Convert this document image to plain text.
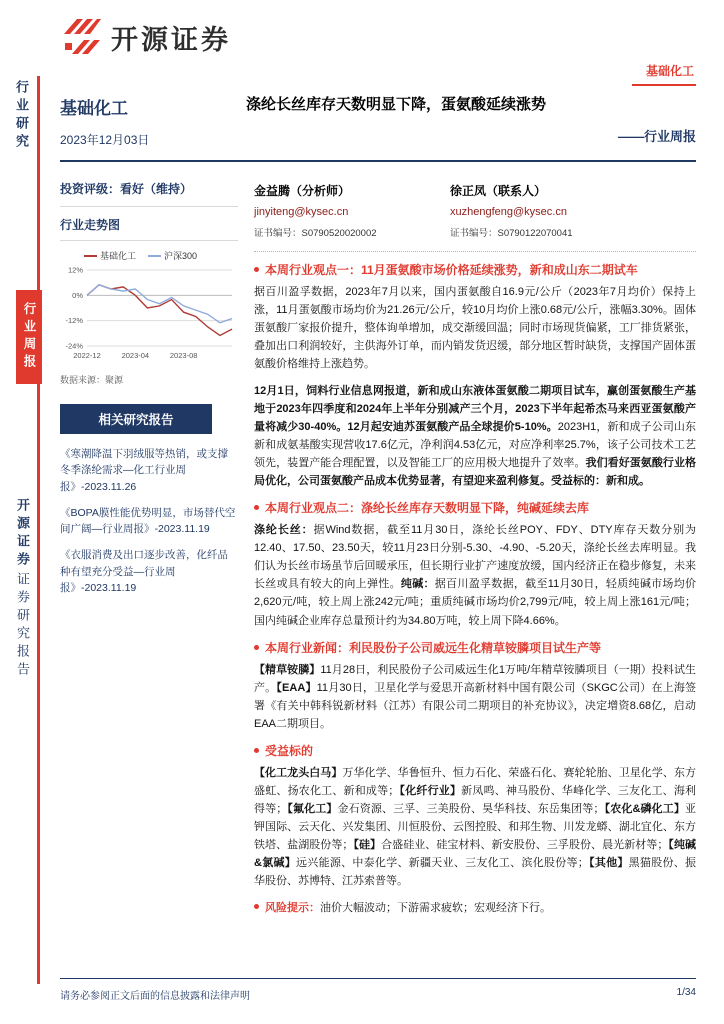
行业研究
行业周报
开源证券
证券研究报告
开源证券
基础化工
基础化工
2023年12月03日
涤纶长丝库存天数明显下降，蛋氨酸延续涨势
——行业周报
投资评级：看好（维持）
行业走势图
基础化工	沪深300
12%
0%
-12%
-24%
2022-12	2023-04	2023-08
数据来源：聚源
相关研究报告
《寒潮降温下羽绒服等热销，或支撑冬季涤纶需求—化工行业周报》-2023.11.26
《BOPA膜性能优势明显，市场替代空间广阔—行业周报》-2023.11.19
《衣服消费及出口逐步改善，化纤品种有望充分受益—行业周报》-2023.11.19
金益腾（分析师）
jinyiteng@kysec.cn
证书编号：S0790520020002
徐正凤（联系人）
xuzhengfeng@kysec.cn
证书编号：S0790122070041
本周行业观点一：11月蛋氨酸市场价格延续涨势，新和成山东二期试车

据百川盈孚数据，2023年7月以来，国内蛋氨酸自16.9元/公斤（2023年7月均价）保持上涨，11月蛋氨酸市场均价为21.26元/公斤，较10月均价上涨0.68元/公斤，涨幅3.30%。固体蛋氨酸厂家报价提升，整体询单增加，成交渐缓回温；同时市场现货偏紧，工厂排货紧张，叠加出口利润较好，主供海外订单，而内销发货迟缓，部分地区暂时缺货，支撑国产固体蛋氨酸价格维持上涨趋势。

12月1日，饲料行业信息网报道，新和成山东液体蛋氨酸二期项目试车，赢创蛋氨酸生产基地于2023年四季度和2024年上半年分别减产三个月，2023下半年起希杰马来西亚蛋氨酸产量将减少30-40%。12月起安迪苏蛋氨酸产品全球提价5-10%。2023H1，新和成子公司山东新和成氨基酸实现营收17.6亿元，净利润4.53亿元，对应净利率25.7%，该子公司技术工艺领先，装置产能合理配置，以及智能工厂的应用极大地提升了效率。我们看好蛋氨酸行业格局优化，公司蛋氨酸产品成本优势显著，有望迎来盈利修复。受益标的：新和成。

本周行业观点二：涤纶长丝库存天数明显下降，纯碱延续去库

涤纶长丝：据Wind数据，截至11月30日，涤纶长丝POY、FDY、DTY库存天数分别为12.40、17.50、23.50天，较11月23日分别-5.30、-4.90、-5.20天，涤纶长丝去库明显。我们认为长丝市场虽节后回暖承压，但长期行业扩产速度放缓，国内经济正在稳步修复，未来长丝或具有较大的向上弹性。纯碱：据百川盈孚数据，截至11月30日，轻质纯碱市场均价2,620元/吨，较上周上涨242元/吨；重质纯碱市场均价2,799元/吨，较上周上涨161元/吨；国内纯碱企业库存总量预计约为34.80万吨，较上周下降4.66%。

本周行业新闻：利民股份子公司威远生化精草铵膦项目试生产等

【精草铵膦】11月28日，利民股份子公司威远生化1万吨/年精草铵膦项目（一期）投料试生产。【EAA】11月30日，卫星化学与爱思开高新材料中国有限公司（SKGC公司）在上海签署《有关中韩科锐新材料（江苏）有限公司二期项目的补充协议》，决定增资8.68亿，启动EAA二期项目。

受益标的

【化工龙头白马】万华化学、华鲁恒升、恒力石化、荣盛石化、赛轮轮胎、卫星化学、东方盛虹、扬农化工、新和成等；【化纤行业】新凤鸣、神马股份、华峰化学、三友化工、海利得等；【氟化工】金石资源、三孚、三美股份、昊华科技、东岳集团等；【农化&磷化工】亚钾国际、云天化、兴发集团、川恒股份、云图控股、和邦生物、川发龙蟒、湖北宜化、东方铁塔、盐湖股份等；【硅】合盛硅业、硅宝材料、新安股份、三孚股份、晨光新材等；【纯碱&氯碱】远兴能源、中泰化学、新疆天业、三友化工、滨化股份等；【其他】黑猫股份、振华股份、苏博特、江苏索普等。

风险提示：油价大幅波动；下游需求疲软；宏观经济下行。

请务必参阅正文后面的信息披露和法律声明	1/34
